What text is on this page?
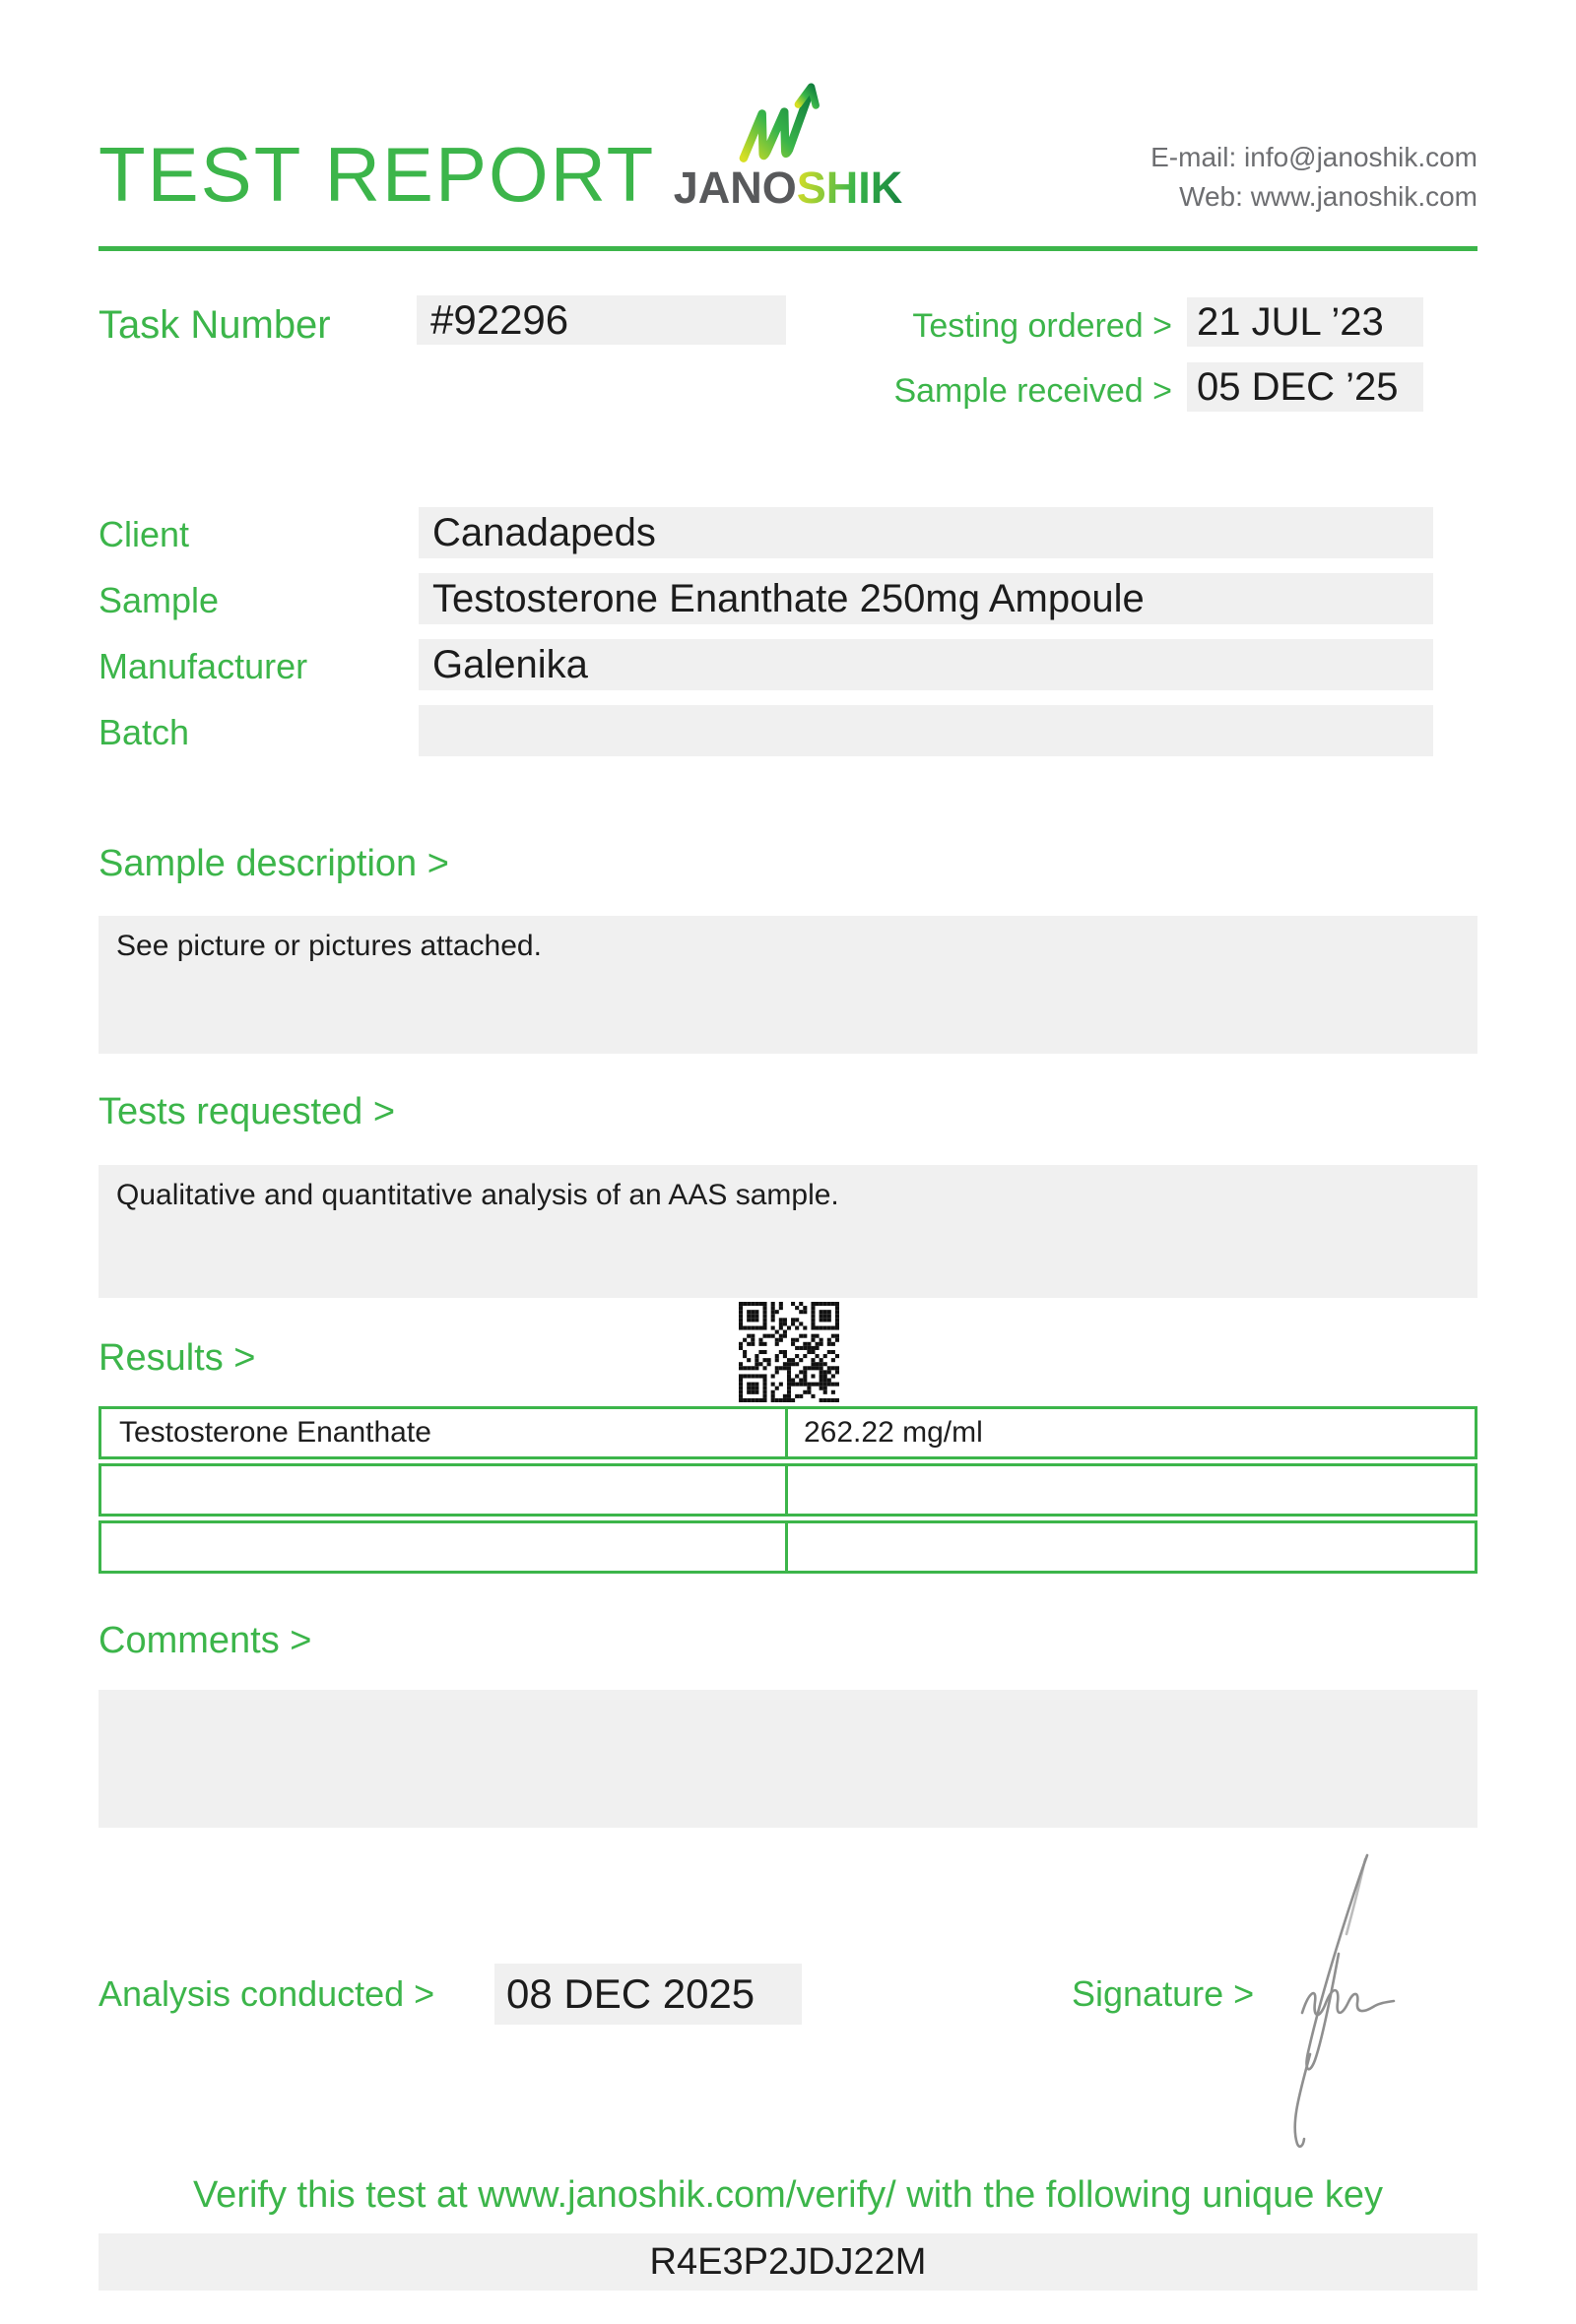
TEST REPORT JANOSHIK
E-mail: info@janoshik.com
Web: www.janoshik.com
Task Number	#92296	Testing ordered > 21 JUL ’23
Sample received > 05 DEC ’25
Client	Canadapeds
Sample	Testosterone Enanthate 250mg Ampoule
Manufacturer	Galenika
Batch
Sample description >
See picture or pictures attached.
Tests requested >
Qualitative and quantitative analysis of an AAS sample.
Results >
Testosterone Enanthate	262.22 mg/ml
Comments >
Analysis conducted > 08 DEC 2025	Signature >
Verify this test at www.janoshik.com/verify/ with the following unique key
R4E3P2JDJ22M
